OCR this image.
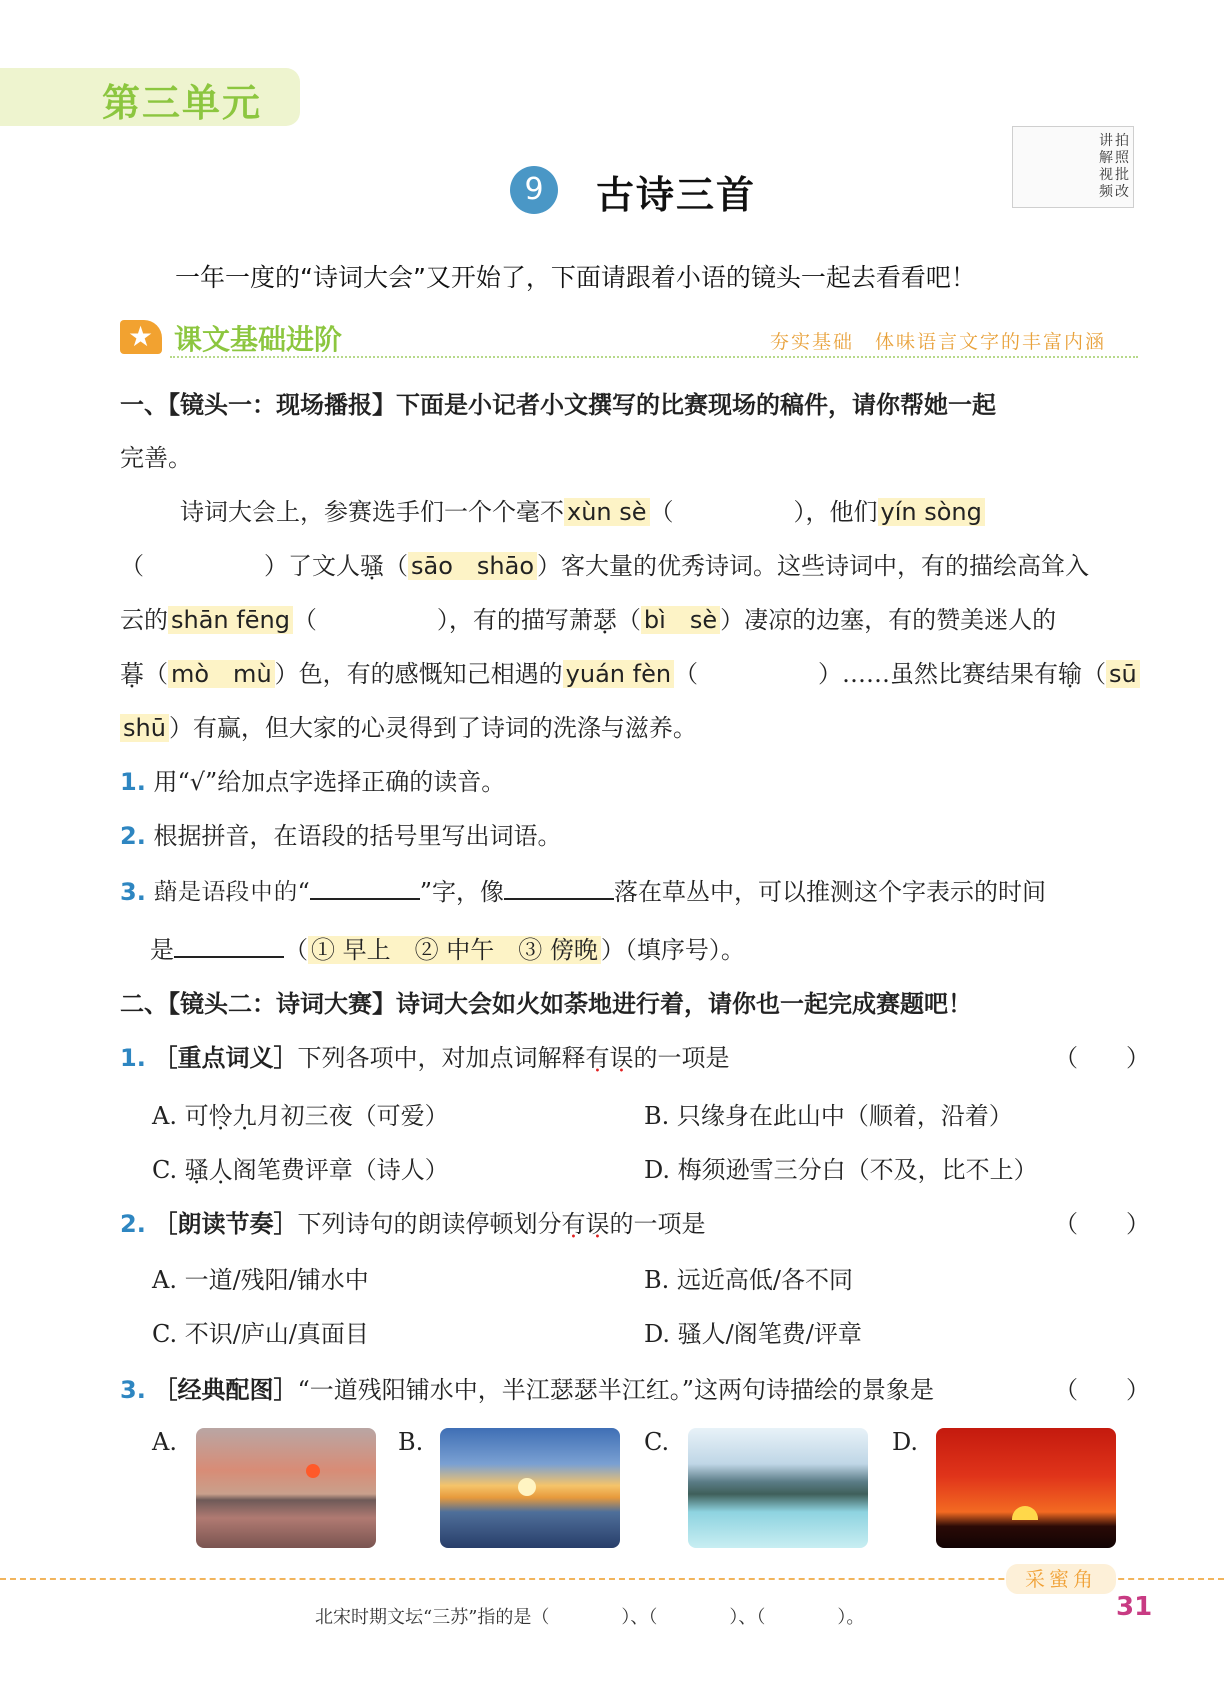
第三单元
讲
解
视
频
拍
照
批
改
9	古诗三首
一年一度的“诗词大会”又开始了，下面请跟着小语的镜头一起去看看吧！
★ 课文基础进阶	夯实基础　体味语言文字的丰富内涵
一、【镜头一：现场播报】下面是小记者小文撰写的比赛现场的稿件，请你帮她一起
完善。
诗词大会上，参赛选手们一个个毫不 xùn sè （　　　　　），他们 yín sòng
（　　　　　）了文人骚（ sāo　shāo ）客大量的优秀诗词。这些诗词中，有的描绘高耸入
云的 shān fēng （　　　　　），有的描写萧瑟（ bì　sè ）凄凉的边塞，有的赞美迷人的
暮（ mò　mù ）色，有的感慨知己相遇的 yuán fèn （　　　　　）……虽然比赛结果有输（ sū
shū ）有赢，但大家的心灵得到了诗词的洗涤与滋养。
1. 用“√”给加点字选择正确的读音。
2. 根据拼音，在语段的括号里写出词语。
3. 𦿃是语段中的“	”字，像	落在草丛中，可以推测这个字表示的时间
是	（ ① 早上　② 中午　③ 傍晚 ）（填序号）。
二、【镜头二：诗词大赛】诗词大会如火如荼地进行着，请你也一起完成赛题吧！
1. ［重点词义］下列各项中，对加点词解释有误的一项是	（　　）
A. 可怜九月初三夜（可爱）	B. 只缘身在此山中（顺着，沿着）
C. 骚人阁笔费评章（诗人）	D. 梅须逊雪三分白（不及，比不上）
2. ［朗读节奏］下列诗句的朗读停顿划分有误的一项是	（　　）
A. 一道/残阳/铺水中	B. 远近高低/各不同
C. 不识/庐山/真面目	D. 骚人/阁笔费/评章
3. ［经典配图］“一道残阳铺水中，半江瑟瑟半江红。”这两句诗描绘的景象是	（　　）
A.	B.	C.	D.
采蜜角
北宋时期文坛“三苏”指的是（　　　　）、（　　　　）、（　　　　）。	31
